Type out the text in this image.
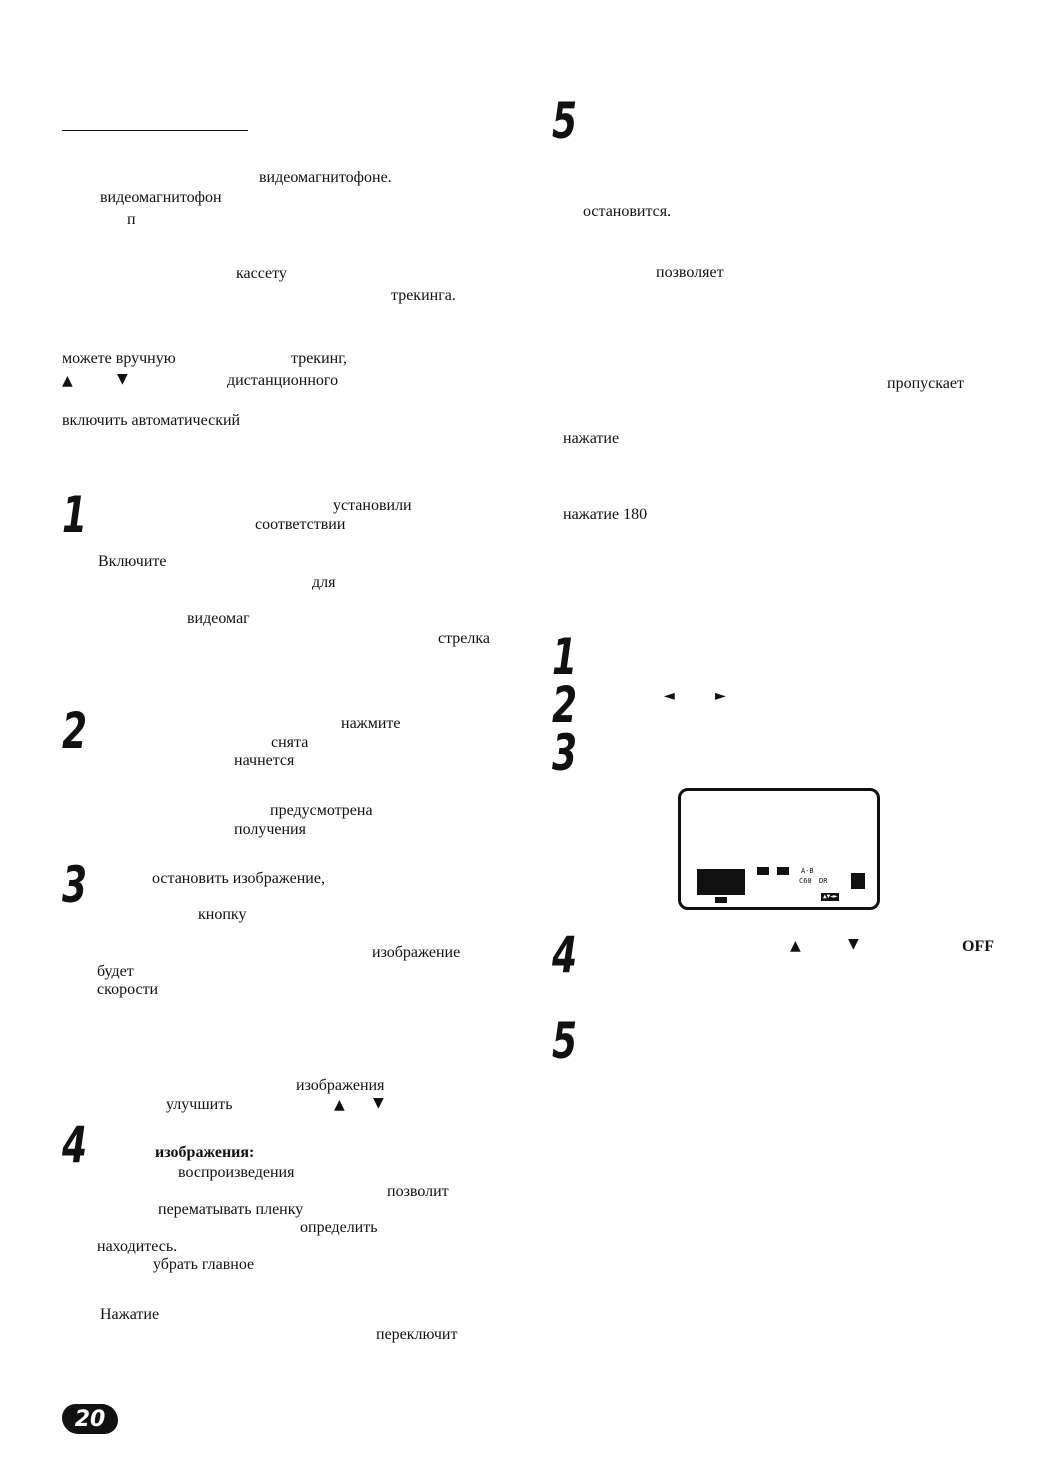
видеомагнитофоне.
видеомагнитофон
п
кассету
трекинга.
можете вручную	трекинг,
▲	▼	дистанционного
включить автоматический
1	установили
соответствии
Включите
для
видеомаг
стрелка
2	нажмите
снята
начнется
предусмотрена
получения
3	остановить изображение,
кнопку
изображение
будет
скорости
изображения
улучшить	▲ ▼
4	изображения:
воспроизведения
позволит
перематывать пленку
определить
находитесь.
убрать главное
Нажатие
переключит
20
5
остановится.
позволяет
пропускает
нажатие
нажатие 180
1
2	◄	►
3
A-B
C60 DR
▲▼◄►
4	▲	▼	OFF
5
